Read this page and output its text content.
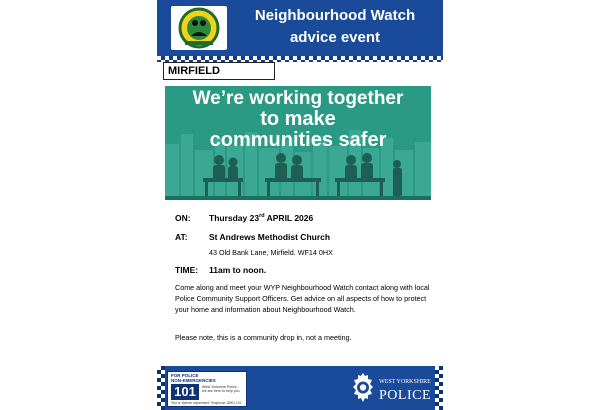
Neighbourhood Watch
advice event
MIRFIELD
We’re working together
to make
communities safer
ON: Thursday 23rd APRIL 2026
AT:	St Andrews Methodist Church
43 Old Bank Lane, Mirfield. WF14 0HX
TIME: 11am to noon.

Come along and meet your WYP Neighbourhood Watch contact along with local Police Community Support Officers. Get advice on all aspects of how to protect your home and information about Neighbourhood Watch.

Please note, this is a community drop in, not a meeting.

FOR POLICE
NON-EMERGENCIES
101	West Yorkshire Police, we are here to help you
Text or Speech impairment: Textphone 18001 101
WEST YORKSHIRE
POLICE
